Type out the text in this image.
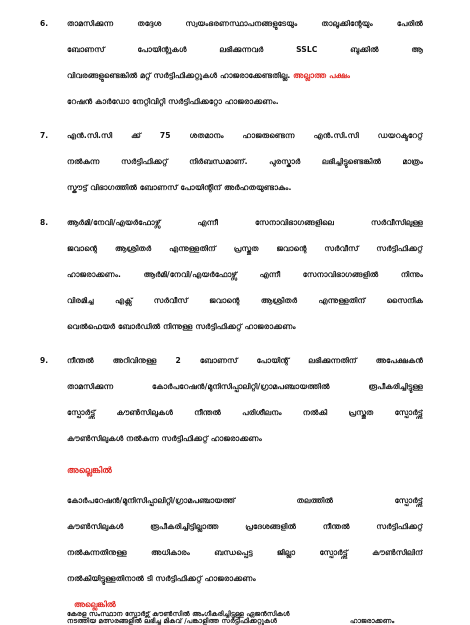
6. താമസിക്കുന്ന തദ്ദേശ സ്വയംഭരണസ്ഥാപനങ്ങളുടേയും താലൂക്കിന്റേയും പേരിൽ
ബോണസ് പോയിന്റുകൾ ലഭിക്കുന്നവർ SSLC ബുക്കിൽ ആ
വിവരങ്ങളുണ്ടെങ്കിൽ മറ്റ് സർട്ടിഫിക്കറ്റുകൾ ഹാജരാക്കേണ്ടതില്ല. അല്ലാത്ത പക്ഷം
റേഷൻ കാർഡോ നേറ്റിവിറ്റി സർട്ടിഫിക്കറ്റോ ഹാജരാക്കണം.
7. എൻ.സി.സി ക്ക് 75 ശതമാനം ഹാജരുണ്ടെന്ന എൻ.സി.സി ഡയറക്ടറേറ്റ്
നൽകുന്ന സർട്ടിഫിക്കറ്റ് നിർബന്ധമാണ്. പുരസ്കാർ ലഭിച്ചിട്ടുണ്ടെങ്കിൽ മാത്രം
സ്കൗട്ട് വിഭാഗത്തിൽ ബോണസ് പോയിന്റിന് അർഹതയുണ്ടാകും.
8. ആർമി/നേവി/എയർഫോഴ്സ് എന്നീ സേനാവിഭാഗങ്ങളിലെ സർവീസിലുള്ള
ജവാന്റെ ആശ്രിതർ എന്നുള്ളതിന് പ്രസ്തുത ജവാന്റെ സർവീസ് സർട്ടിഫിക്കറ്റ്
ഹാജരാക്കണം. ആർമി/നേവി/എയർഫോഴ്സ് എന്നീ സേനാവിഭാഗങ്ങളിൽ നിന്നും
വിരമിച്ച എക്സ് സർവീസ് ജവാന്റെ ആശ്രിതർ എന്നുള്ളതിന് സൈനിക
വെൽഫെയർ ബോർഡിൽ നിന്നുള്ള സർട്ടിഫിക്കറ്റ് ഹാജരാക്കണം
9. നീന്തൽ അറിവിനുള്ള 2 ബോണസ് പോയിന്റ് ലഭിക്കുന്നതിന് അപേക്ഷകൻ
താമസിക്കുന്ന കോർപറേഷൻ/മുനിസിപ്പാലിറ്റി/ഗ്രാമപഞ്ചായത്തിൽ രൂപീകരിച്ചിട്ടുള്ള
സ്പോർട്ട്സ് കൗൺസിലുകൾ നീന്തൽ പരിശീലനം നൽകി പ്രസ്തുത സ്പോർട്ട്സ്
കൗൺസിലുകൾ നൽകുന്ന സർട്ടിഫിക്കറ്റ് ഹാജരാക്കണം
അല്ലെങ്കിൽ
കോർപറേഷൻ/മുനിസിപ്പാലിറ്റി/ഗ്രാമപഞ്ചായത്ത് തലത്തിൽ സ്പോർട്ട്സ്
കൗൺസിലുകൾ രൂപീകരിച്ചിട്ടില്ലാത്ത പ്രദേശങ്ങളിൽ നീന്തൽ സർട്ടിഫിക്കറ്റ്
നൽകുന്നതിനുള്ള അധികാരം ബന്ധപ്പെട്ട ജില്ലാ സ്പോർട്ട്സ് കൗൺസിലിന്
നൽകിയിട്ടുള്ളതിനാൽ ടി സർട്ടിഫിക്കറ്റ് ഹാജരാക്കണം
അല്ലെങ്കിൽ
കേരള സംസ്ഥാന സ്പോർട്സ് കൗൺസിൽ അംഗീകരിച്ചിട്ടുള്ള ഏജൻസികൾ
നടത്തിയ മത്സരങ്ങളിൽ ലഭിച്ച മികവ് /പങ്കാളിത്ത സർട്ടിഫിക്കറ്റുകൾ	ഹാജരാക്കണം
